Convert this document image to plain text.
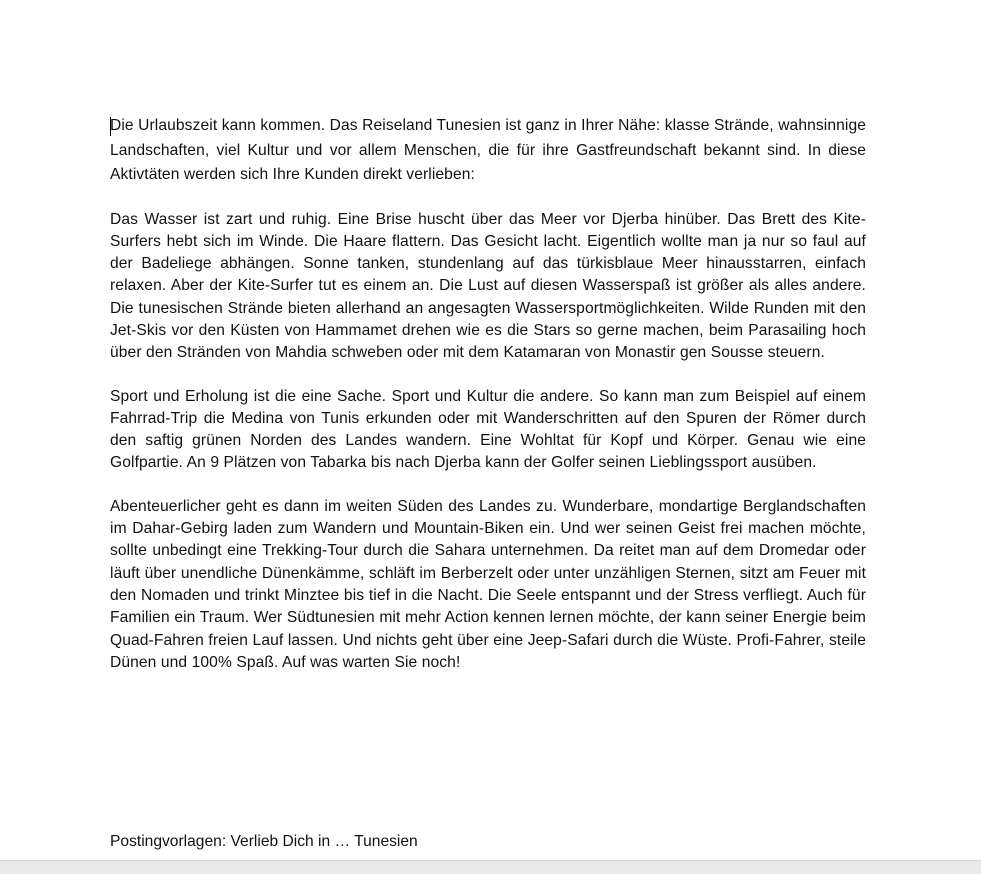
Die Urlaubszeit kann kommen. Das Reiseland Tunesien ist ganz in Ihrer Nähe: klasse Strände, wahnsinnige Landschaften, viel Kultur und vor allem Menschen, die für ihre Gastfreundschaft bekannt sind. In diese Aktivtäten werden sich Ihre Kunden direkt verlieben:

Das Wasser ist zart und ruhig. Eine Brise huscht über das Meer vor Djerba hinüber. Das Brett des Kite-Surfers hebt sich im Winde. Die Haare flattern. Das Gesicht lacht. Eigentlich wollte man ja nur so faul auf der Badeliege abhängen. Sonne tanken, stundenlang auf das türkisblaue Meer hinausstarren, einfach relaxen. Aber der Kite-Surfer tut es einem an. Die Lust auf diesen Wasserspaß ist größer als alles andere. Die tunesischen Strände bieten allerhand an angesagten Wassersportmöglichkeiten. Wilde Runden mit den Jet-Skis vor den Küsten von Hammamet drehen wie es die Stars so gerne machen, beim Parasailing hoch über den Stränden von Mahdia schweben oder mit dem Katamaran von Monastir gen Sousse steuern.

Sport und Erholung ist die eine Sache. Sport und Kultur die andere. So kann man zum Beispiel auf einem Fahrrad-Trip die Medina von Tunis erkunden oder mit Wanderschritten auf den Spuren der Römer durch den saftig grünen Norden des Landes wandern. Eine Wohltat für Kopf und Körper. Genau wie eine Golfpartie. An 9 Plätzen von Tabarka bis nach Djerba kann der Golfer seinen Lieblingssport ausüben.

Abenteuerlicher geht es dann im weiten Süden des Landes zu. Wunderbare, mondartige Berglandschaften im Dahar-Gebirg laden zum Wandern und Mountain-Biken ein. Und wer seinen Geist frei machen möchte, sollte unbedingt eine Trekking-Tour durch die Sahara unternehmen. Da reitet man auf dem Dromedar oder läuft über unendliche Dünenkämme, schläft im Berberzelt oder unter unzähligen Sternen, sitzt am Feuer mit den Nomaden und trinkt Minztee bis tief in die Nacht. Die Seele entspannt und der Stress verfliegt. Auch für Familien ein Traum. Wer Südtunesien mit mehr Action kennen lernen möchte, der kann seiner Energie beim Quad-Fahren freien Lauf lassen. Und nichts geht über eine Jeep-Safari durch die Wüste. Profi-Fahrer, steile Dünen und 100% Spaß. Auf was warten Sie noch!

Postingvorlagen: Verlieb Dich in … Tunesien
